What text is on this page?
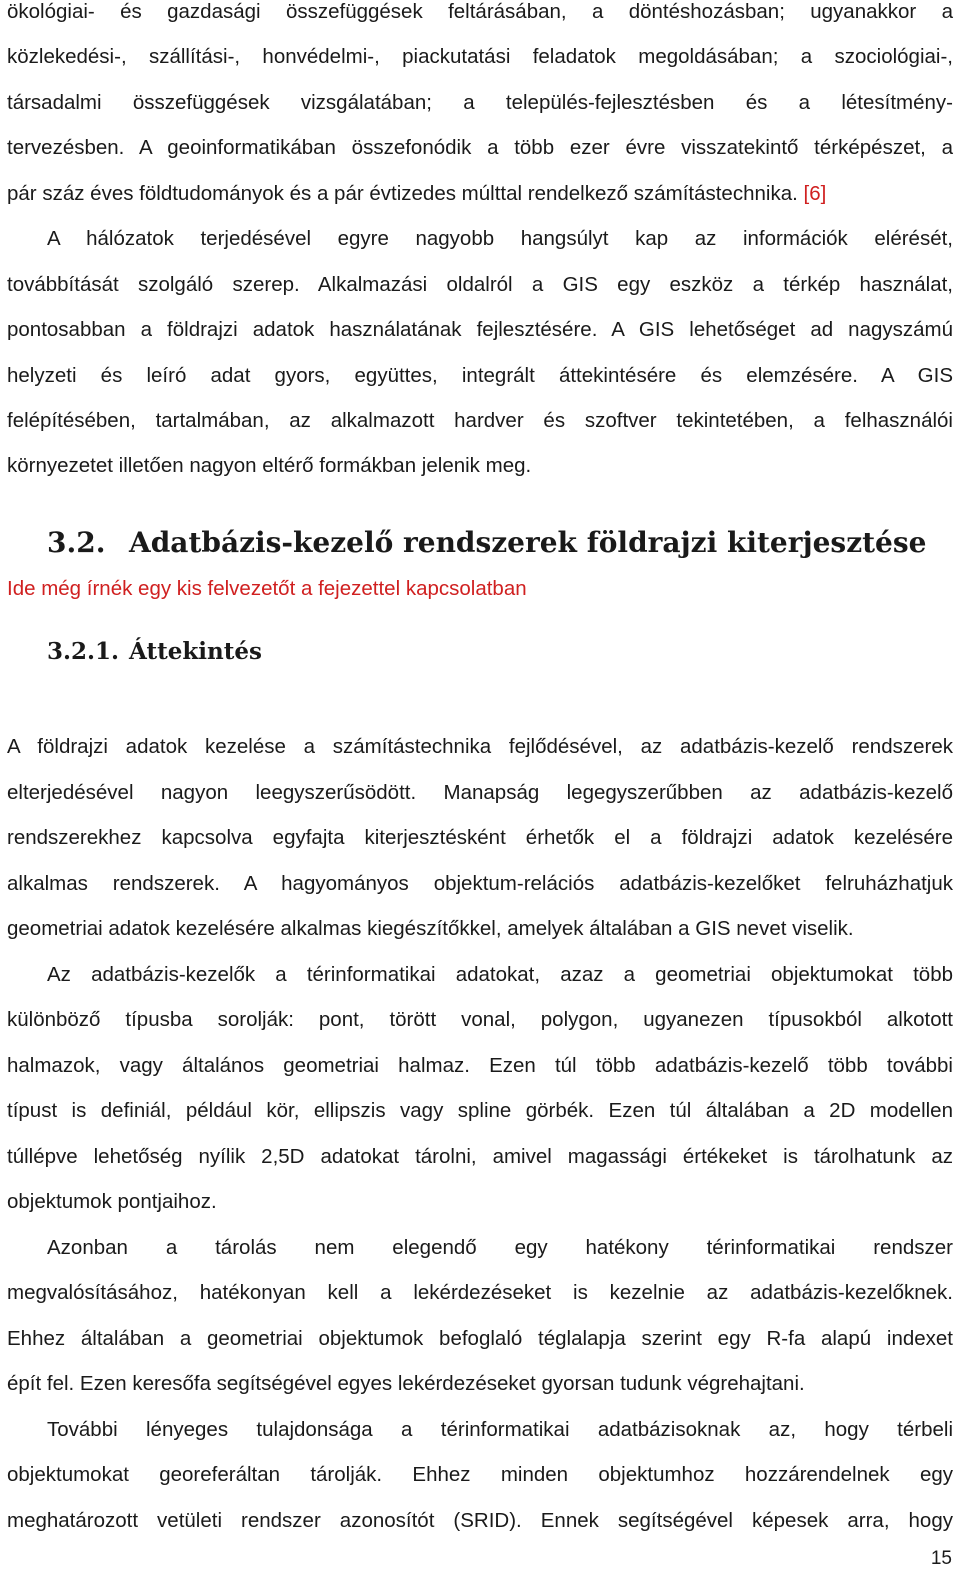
ökológiai- és gazdasági összefüggések feltárásában, a döntéshozásban; ugyanakkor a
közlekedési-, szállítási-, honvédelmi-, piackutatási feladatok megoldásában; a szociológiai-,
társadalmi összefüggések vizsgálatában; a település-fejlesztésben és a létesítmény-
tervezésben. A geoinformatikában összefonódik a több ezer évre visszatekintő térképészet, a
pár száz éves földtudományok és a pár évtizedes múlttal rendelkező számítástechnika. [6]
A hálózatok terjedésével egyre nagyobb hangsúlyt kap az információk elérését,
továbbítását szolgáló szerep. Alkalmazási oldalról a GIS egy eszköz a térkép használat,
pontosabban a földrajzi adatok használatának fejlesztésére. A GIS lehetőséget ad nagyszámú
helyzeti és leíró adat gyors, együttes, integrált áttekintésére és elemzésére. A GIS
felépítésében, tartalmában, az alkalmazott hardver és szoftver tekintetében, a felhasználói
környezetet illetően nagyon eltérő formákban jelenik meg.
3.2. Adatbázis-kezelő rendszerek földrajzi kiterjesztése
Ide még írnék egy kis felvezetőt a fejezettel kapcsolatban
3.2.1. Áttekintés
A földrajzi adatok kezelése a számítástechnika fejlődésével, az adatbázis-kezelő rendszerek
elterjedésével nagyon leegyszerűsödött. Manapság legegyszerűbben az adatbázis-kezelő
rendszerekhez kapcsolva egyfajta kiterjesztésként érhetők el a földrajzi adatok kezelésére
alkalmas rendszerek. A hagyományos objektum-relációs adatbázis-kezelőket felruházhatjuk
geometriai adatok kezelésére alkalmas kiegészítőkkel, amelyek általában a GIS nevet viselik.
Az adatbázis-kezelők a térinformatikai adatokat, azaz a geometriai objektumokat több
különböző típusba sorolják: pont, törött vonal, polygon, ugyanezen típusokból alkotott
halmazok, vagy általános geometriai halmaz. Ezen túl több adatbázis-kezelő több további
típust is definiál, például kör, ellipszis vagy spline görbék. Ezen túl általában a 2D modellen
túllépve lehetőség nyílik 2,5D adatokat tárolni, amivel magassági értékeket is tárolhatunk az
objektumok pontjaihoz.
Azonban a tárolás nem elegendő egy hatékony térinformatikai rendszer
megvalósításához, hatékonyan kell a lekérdezéseket is kezelnie az adatbázis-kezelőknek.
Ehhez általában a geometriai objektumok befoglaló téglalapja szerint egy R-fa alapú indexet
épít fel. Ezen keresőfa segítségével egyes lekérdezéseket gyorsan tudunk végrehajtani.
További lényeges tulajdonsága a térinformatikai adatbázisoknak az, hogy térbeli
objektumokat georeferáltan tárolják. Ehhez minden objektumhoz hozzárendelnek egy
meghatározott vetületi rendszer azonosítót (SRID). Ennek segítségével képesek arra, hogy
15
